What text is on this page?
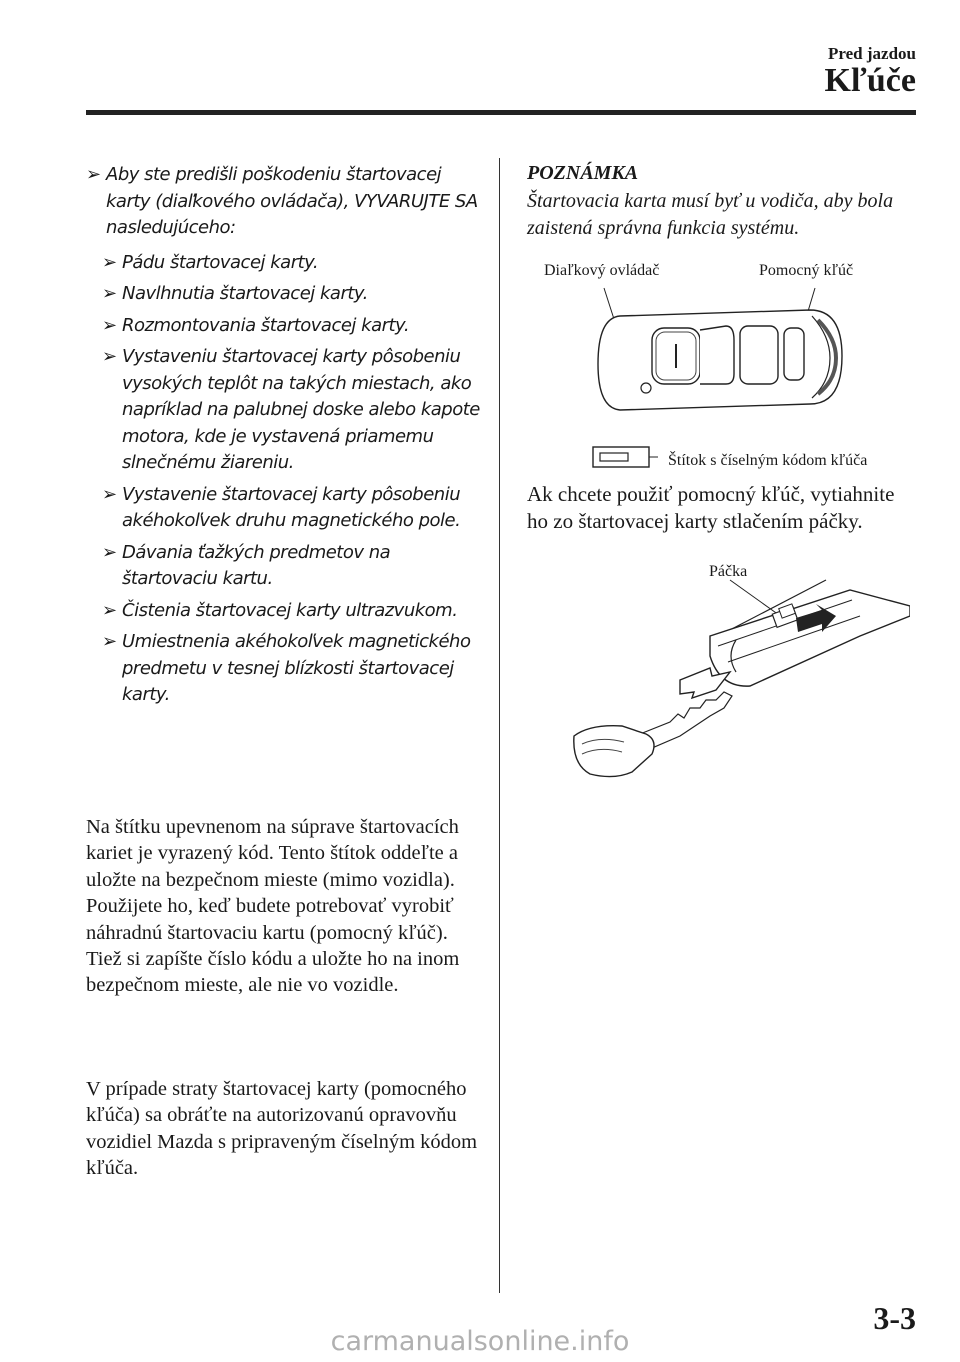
Pred jazdou
Kľúče
➢ Aby ste predišli poškodeniu štartovacej karty (diaľkového ovládača), VYVARUJTE SA nasledujúceho:
➢ Pádu štartovacej karty.
➢ Navlhnutia štartovacej karty.
➢ Rozmontovania štartovacej karty.
➢ Vystaveniu štartovacej karty pôsobeniu vysokých teplôt na takých miestach, ako napríklad na palubnej doske alebo kapote motora, kde je vystavená priamemu slnečnému žiareniu.
➢ Vystavenie štartovacej karty pôsobeniu akéhokoľvek druhu magnetického pole.
➢ Dávania ťažkých predmetov na štartovaciu kartu.
➢ Čistenia štartovacej karty ultrazvukom.
➢ Umiestnenia akéhokoľvek magnetického predmetu v tesnej blízkosti štartovacej karty.
Na štítku upevnenom na súprave štartovacích kariet je vyrazený kód. Tento štítok oddeľte a uložte na bezpečnom mieste (mimo vozidla). Použijete ho, keď budete potrebovať vyrobiť náhradnú štartovaciu kartu (pomocný kľúč). Tiež si zapíšte číslo kódu a uložte ho na inom bezpečnom mieste, ale nie vo vozidle.
V prípade straty štartovacej karty (pomocného kľúča) sa obráťte na autorizovanú opravovňu vozidiel Mazda s pripraveným číselným kódom kľúča.
POZNÁMKA
Štartovacia karta musí byť u vodiča, aby bola zaistená správna funkcia systému.
Diaľkový ovládač	Pomocný kľúč
Štítok s číselným kódom kľúča
Ak chcete použiť pomocný kľúč, vytiahnite ho zo štartovacej karty stlačením páčky.
Páčka
3-3
carmanualsonline.info
